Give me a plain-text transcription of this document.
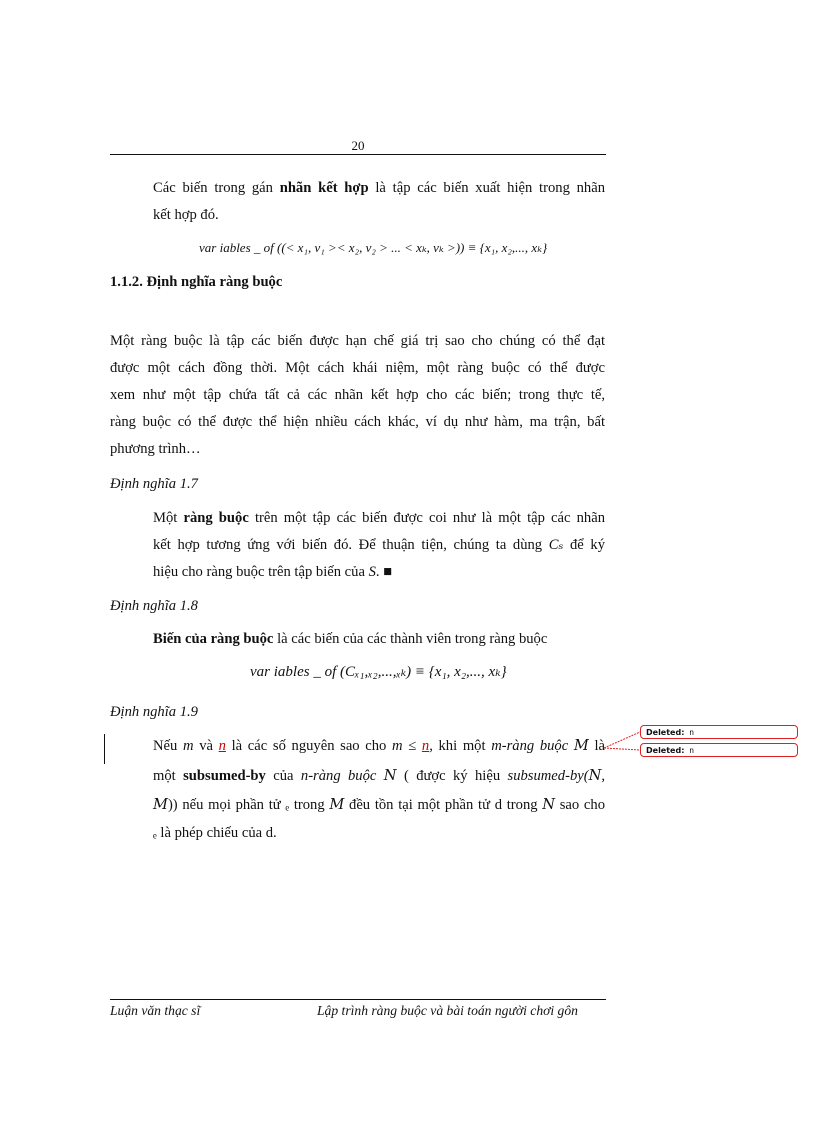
20
Các biến trong gán nhãn kết hợp là tập các biến xuất hiện trong nhãn
kết hợp đó.
var iables _ of ((< x₁, v₁ >< x₂, v₂ > ... < xₖ, vₖ >)) ≡ {x₁, x₂,..., xₖ}
1.1.2. Định nghĩa ràng buộc
Một ràng buộc là tập các biến được hạn chế giá trị sao cho chúng có thể đạt
được một cách đồng thời. Một cách khái niệm, một ràng buộc có thể được
xem như một tập chứa tất cả các nhãn kết hợp cho các biến; trong thực tế,
ràng buộc có thể được thể hiện nhiều cách khác, ví dụ như hàm, ma trận, bất
phương trình…
Định nghĩa 1.7
Một ràng buộc trên một tập các biến được coi như là một tập các nhãn
kết hợp tương ứng với biến đó. Để thuận tiện, chúng ta dùng Cₛ để ký
hiệu cho ràng buộc trên tập biến của S. ■
Định nghĩa 1.8
Biến của ràng buộc là các biến của các thành viên trong ràng buộc
var iables _ of (Cₓ₁,ₓ₂,...,ₓₖ) ≡ {x₁, x₂,..., xₖ}
Định nghĩa 1.9
Nếu m và n là các số nguyên sao cho m ≤ n, khi một m-ràng buộc 𝑀 là
một subsumed-by của n-ràng buộc 𝑁 ( được ký hiệu subsumed-by(𝑁,
𝑀)) nếu mọi phần tử ₑ trong 𝑀 đều tồn tại một phần tử d trong 𝑁 sao cho
ₑ là phép chiếu của d.
Deleted: n
Deleted: n
Luận văn thạc sĩ	Lập trình ràng buộc và bài toán người chơi gôn
